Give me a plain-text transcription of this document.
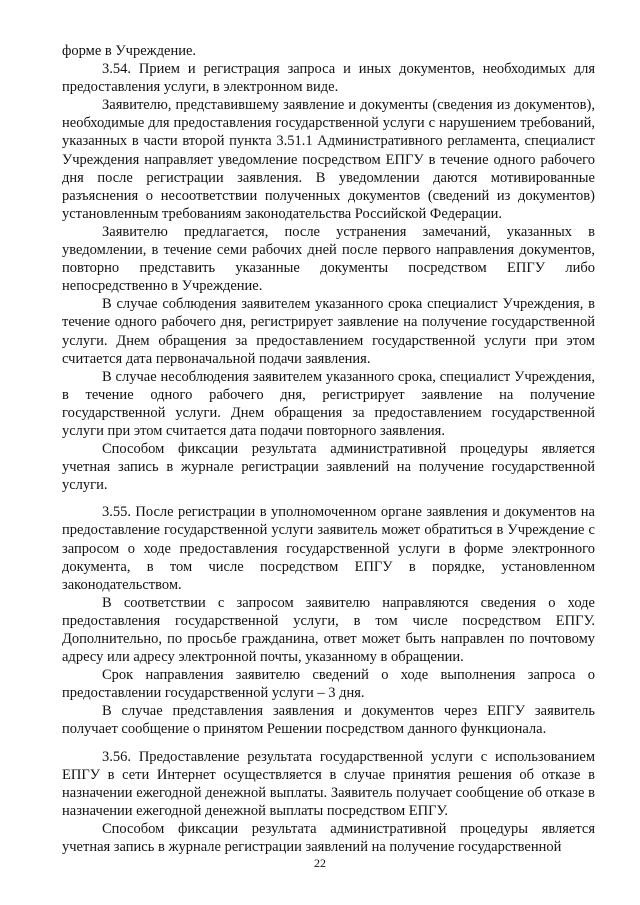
форме в Учреждение.

3.54. Прием и регистрация запроса и иных документов, необходимых для предоставления услуги, в электронном виде.

Заявителю, представившему заявление и документы (сведения из документов), необходимые для предоставления государственной услуги с нарушением требований, указанных в части второй пункта 3.51.1 Административного регламента, специалист Учреждения направляет уведомление посредством ЕПГУ в течение одного рабочего дня после регистрации заявления. В уведомлении даются мотивированные разъяснения о несоответствии полученных документов (сведений из документов) установленным требованиям законодательства Российской Федерации.

Заявителю предлагается, после устранения замечаний, указанных в уведомлении, в течение семи рабочих дней после первого направления документов, повторно представить указанные документы посредством ЕПГУ либо непосредственно в Учреждение.

В случае соблюдения заявителем указанного срока специалист Учреждения, в течение одного рабочего дня, регистрирует заявление на получение государственной услуги. Днем обращения за предоставлением государственной услуги при этом считается дата первоначальной подачи заявления.

В случае несоблюдения заявителем указанного срока, специалист Учреждения, в течение одного рабочего дня, регистрирует заявление на получение государственной услуги. Днем обращения за предоставлением государственной услуги при этом считается дата подачи повторного заявления.

Способом фиксации результата административной процедуры является учетная запись в журнале регистрации заявлений на получение государственной услуги.

3.55. После регистрации в уполномоченном органе заявления и документов на предоставление государственной услуги заявитель может обратиться в Учреждение с запросом о ходе предоставления государственной услуги в форме электронного документа, в том числе посредством ЕПГУ в порядке, установленном законодательством.

В соответствии с запросом заявителю направляются сведения о ходе предоставления государственной услуги, в том числе посредством ЕПГУ. Дополнительно, по просьбе гражданина, ответ может быть направлен по почтовому адресу или адресу электронной почты, указанному в обращении.

Срок направления заявителю сведений о ходе выполнения запроса о предоставлении государственной услуги – 3 дня.

В случае представления заявления и документов через ЕПГУ заявитель получает сообщение о принятом Решении посредством данного функционала.

3.56. Предоставление результата государственной услуги с использованием ЕПГУ в сети Интернет осуществляется в случае принятия решения об отказе в назначении ежегодной денежной выплаты. Заявитель получает сообщение об отказе в назначении ежегодной денежной выплаты посредством ЕПГУ.

Способом фиксации результата административной процедуры является учетная запись в журнале регистрации заявлений на получение государственной

22
